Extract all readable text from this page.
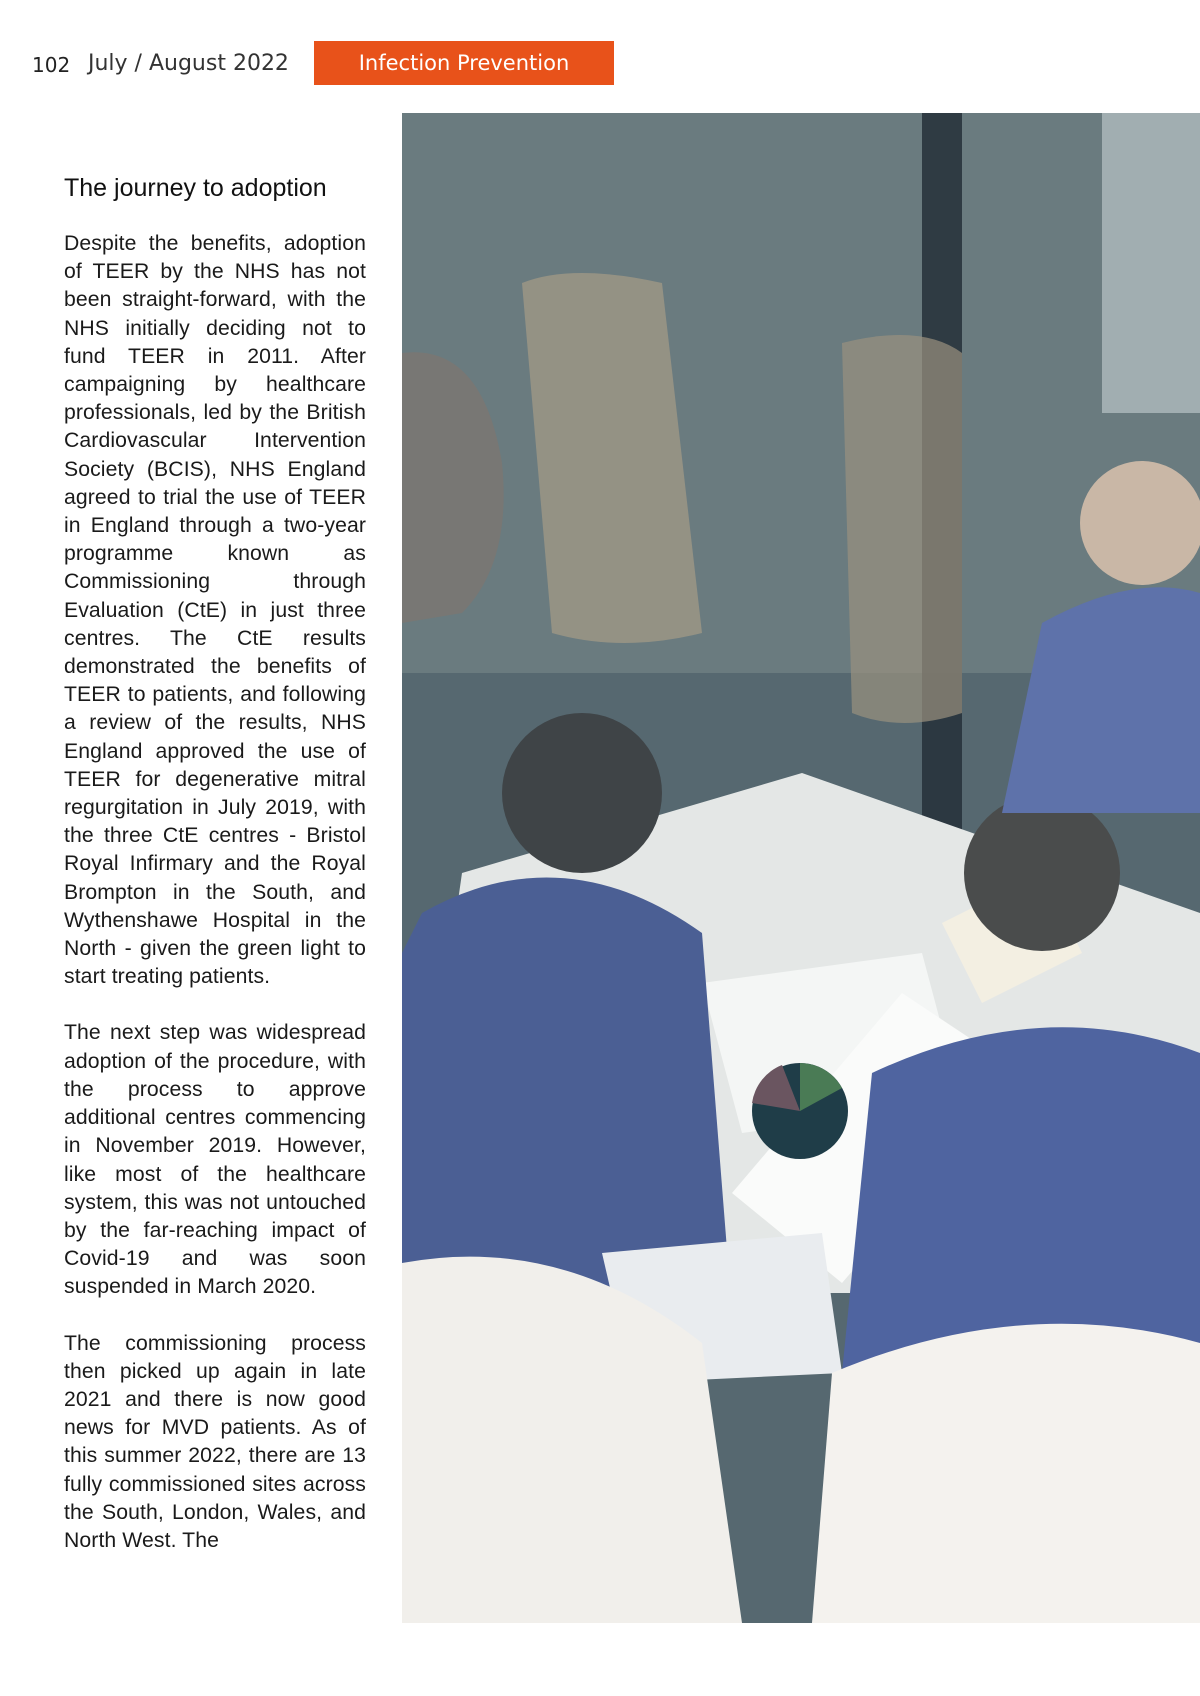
102 July / August 2022	Infection Prevention
The journey to adoption

Despite the benefits, adoption of TEER by the NHS has not been straight-forward, with the NHS initially deciding not to fund TEER in 2011. After campaigning by healthcare professionals, led by the British Cardiovascular Intervention Society (BCIS), NHS England agreed to trial the use of TEER in England through a two-year programme known as Commissioning through Evaluation (CtE) in just three centres. The CtE results demonstrated the benefits of TEER to patients, and following a review of the results, NHS England approved the use of TEER for degenerative mitral regurgitation in July 2019, with the three CtE centres - Bristol Royal Infirmary and the Royal Brompton in the South, and Wythenshawe Hospital in the North - given the green light to start treating patients.

The next step was widespread adoption of the procedure, with the process to approve additional centres commencing in November 2019. However, like most of the healthcare system, this was not untouched by the far-reaching impact of Covid-19 and was soon suspended in March 2020.

The commissioning process then picked up again in late 2021 and there is now good news for MVD patients. As of this summer 2022, there are 13 fully commissioned sites across the South, London, Wales, and North West. The
